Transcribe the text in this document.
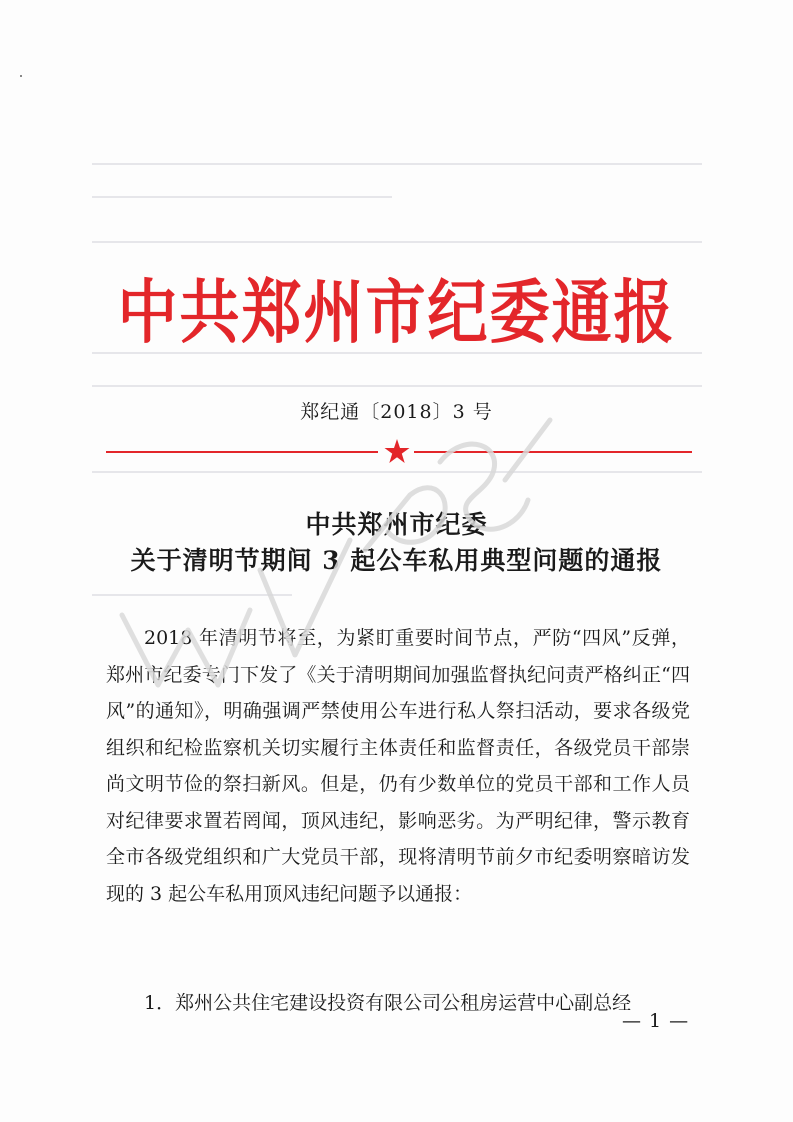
中共郑州市纪委通报
郑纪通〔2018〕3 号
中共郑州市纪委
关于清明节期间 3 起公车私用典型问题的通报

2018 年清明节将至，为紧盯重要时间节点，严防“四风”反弹，郑州市纪委专门下发了《关于清明期间加强监督执纪问责严格纠正“四风”的通知》，明确强调严禁使用公车进行私人祭扫活动，要求各级党组织和纪检监察机关切实履行主体责任和监督责任，各级党员干部崇尚文明节俭的祭扫新风。但是，仍有少数单位的党员干部和工作人员对纪律要求置若罔闻，顶风违纪，影响恶劣。为严明纪律，警示教育全市各级党组织和广大党员干部，现将清明节前夕市纪委明察暗访发现的 3 起公车私用顶风违纪问题予以通报：

1．郑州公共住宅建设投资有限公司公租房运营中心副总经

— 1 —
